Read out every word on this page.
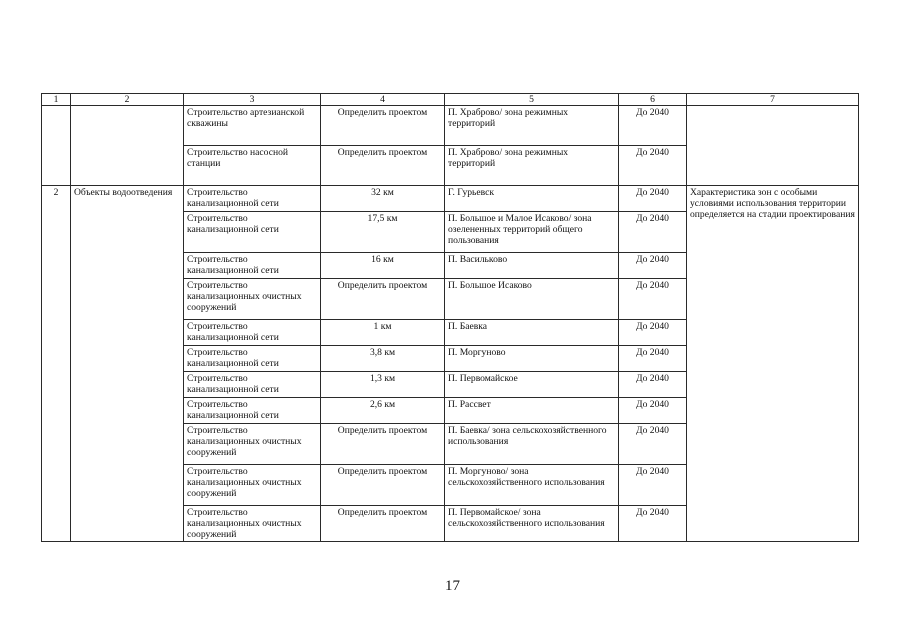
1	2	3	4	5	6	7
		Строительство артезианской скважины	Определить проектом	П. Храброво/ зона режимных территорий	До 2040	
		Строительство насосной станции	Определить проектом	П. Храброво/ зона режимных территорий	До 2040	
2	Объекты водоотведения	Строительство канализационной сети	32 км	Г. Гурьевск	До 2040	Характеристика зон с особыми условиями использования территории определяется на стадии проектирования
		Строительство канализационной сети	17,5 км	П. Большое и Малое Исаково/ зона озелененных территорий общего пользования	До 2040	
		Строительство канализационной сети	16 км	П. Васильково	До 2040	
		Строительство канализационных очистных сооружений	Определить проектом	П. Большое Исаково	До 2040	
		Строительство канализационной сети	1 км	П. Баевка	До 2040	
		Строительство канализационной сети	3,8 км	П. Моргуново	До 2040	
		Строительство канализационной сети	1,3 км	П. Первомайское	До 2040	
		Строительство канализационной сети	2,6 км	П. Рассвет	До 2040	
		Строительство канализационных очистных сооружений	Определить проектом	П. Баевка/ зона сельскохозяйственного использования	До 2040	
		Строительство канализационных очистных сооружений	Определить проектом	П. Моргуново/ зона сельскохозяйственного использования	До 2040	
		Строительство канализационных очистных сооружений	Определить проектом	П. Первомайское/ зона сельскохозяйственного использования	До 2040	
17
